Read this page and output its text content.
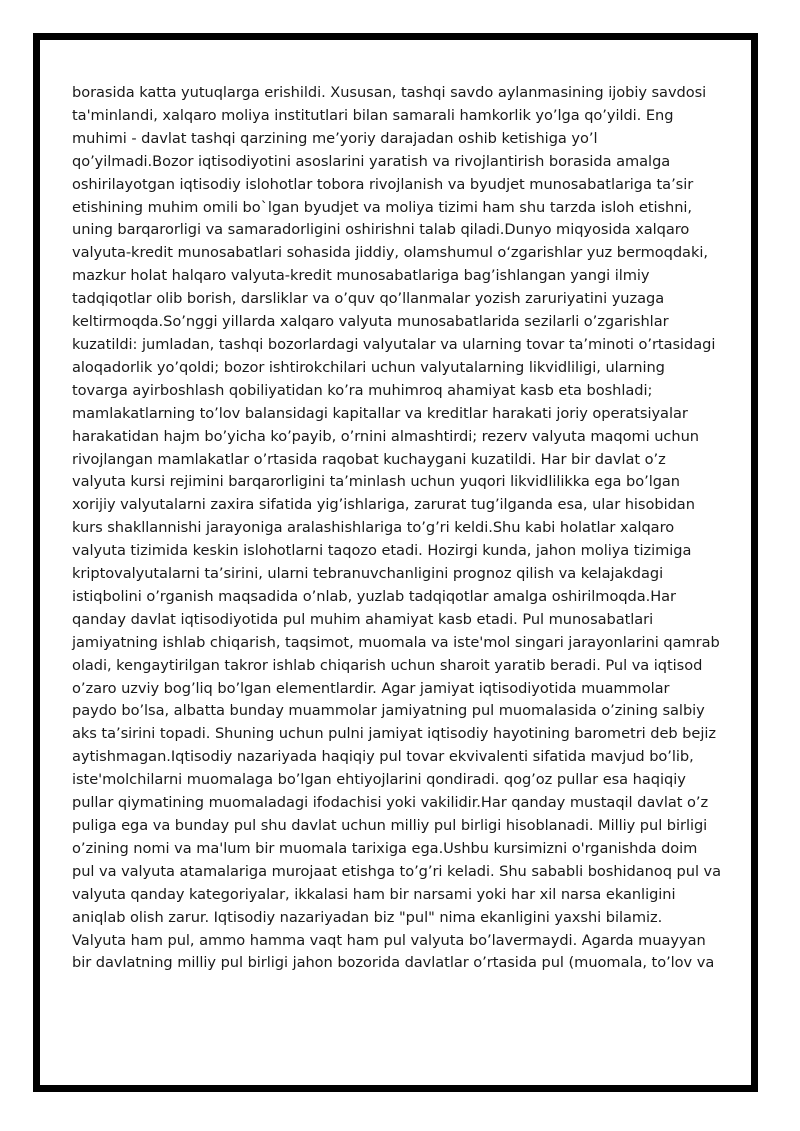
borasida katta yutuqlarga erishildi. Xususan, tashqi savdo aylanmasining ijobiy savdosi
ta'minlandi, xalqaro moliya institutlari bilan samarali hamkorlik yo’lga qo’yildi. Eng
muhimi - davlat tashqi qarzining me’yoriy darajadan oshib ketishiga yo’l
qo’yilmadi.Bozor iqtisodiyotini asoslarini yaratish va rivojlantirish borasida amalga
oshirilayotgan iqtisodiy islohotlar tobora rivojlanish va byudjet munosabatlariga ta’sir
etishining muhim omili bo`lgan byudjet va moliya tizimi ham shu tarzda isloh etishni,
uning barqarorligi va samaradorligini oshirishni talab qiladi.Dunyo miqyosida xalqaro
valyuta-kredit munosabatlari sohasida jiddiy, olamshumul o‘zgarishlar yuz bermoqdaki,
mazkur holat halqaro valyuta-kredit munosabatlariga bag’ishlangan yangi ilmiy
tadqiqotlar olib borish, darsliklar va o’quv qo’llanmalar yozish zaruriyatini yuzaga
keltirmoqda.So’nggi yillarda xalqaro valyuta munosabatlarida sezilarli o’zgarishlar
kuzatildi: jumladan, tashqi bozorlardagi valyutalar va ularning tovar ta’minoti o’rtasidagi
aloqadorlik yo’qoldi; bozor ishtirokchilari uchun valyutalarning likvidliligi, ularning
tovarga ayirboshlash qobiliyatidan ko’ra muhimroq ahamiyat kasb eta boshladi;
mamlakatlarning to’lov balansidagi kapitallar va kreditlar harakati joriy operatsiyalar
harakatidan hajm bo’yicha ko’payib, o’rnini almashtirdi; rezerv valyuta maqomi uchun
rivojlangan mamlakatlar o’rtasida raqobat kuchaygani kuzatildi. Har bir davlat o’z
valyuta kursi rejimini barqarorligini ta’minlash uchun yuqori likvidlilikka ega bo’lgan
xorijiy valyutalarni zaxira sifatida yig’ishlariga, zarurat tug’ilganda esa, ular hisobidan
kurs shakllannishi jarayoniga aralashishlariga to’g’ri keldi.Shu kabi holatlar xalqaro
valyuta tizimida keskin islohotlarni taqozo etadi. Hozirgi kunda, jahon moliya tizimiga
kriptovalyutalarni ta’sirini, ularni tebranuvchanligini prognoz qilish va kelajakdagi
istiqbolini o’rganish maqsadida o’nlab, yuzlab tadqiqotlar amalga oshirilmoqda.Har
qanday davlat iqtisodiyotida pul muhim ahamiyat kasb etadi. Pul munosabatlari
jamiyatning ishlab chiqarish, taqsimot, muomala va iste'mol singari jarayonlarini qamrab
oladi, kengaytirilgan takror ishlab chiqarish uchun sharoit yaratib beradi. Pul va iqtisod
o’zaro uzviy bog’liq bo’lgan elementlardir. Agar jamiyat iqtisodiyotida muammolar
paydo bo’lsa, albatta bunday muammolar jamiyatning pul muomalasida o’zining salbiy
aks ta’sirini topadi. Shuning uchun pulni jamiyat iqtisodiy hayotining barometri deb bejiz
aytishmagan.Iqtisodiy nazariyada haqiqiy pul tovar ekvivalenti sifatida mavjud bo’lib,
iste'molchilarni muomalaga bo’lgan ehtiyojlarini qondiradi. qog’oz pullar esa haqiqiy
pullar qiymatining muomaladagi ifodachisi yoki vakilidir.Har qanday mustaqil davlat o’z
puliga ega va bunday pul shu davlat uchun milliy pul birligi hisoblanadi. Milliy pul birligi
o’zining nomi va ma'lum bir muomala tarixiga ega.Ushbu kursimizni o'rganishda doim
pul va valyuta atamalariga murojaat etishga to’g’ri keladi. Shu sababli boshidanoq pul va
valyuta qanday kategoriyalar, ikkalasi ham bir narsami yoki har xil narsa ekanligini
aniqlab olish zarur. Iqtisodiy nazariyadan biz "pul" nima ekanligini yaxshi bilamiz.
Valyuta ham pul, ammo hamma vaqt ham pul valyuta bo’lavermaydi. Agarda muayyan
bir davlatning milliy pul birligi jahon bozorida davlatlar o’rtasida pul (muomala, to’lov va
